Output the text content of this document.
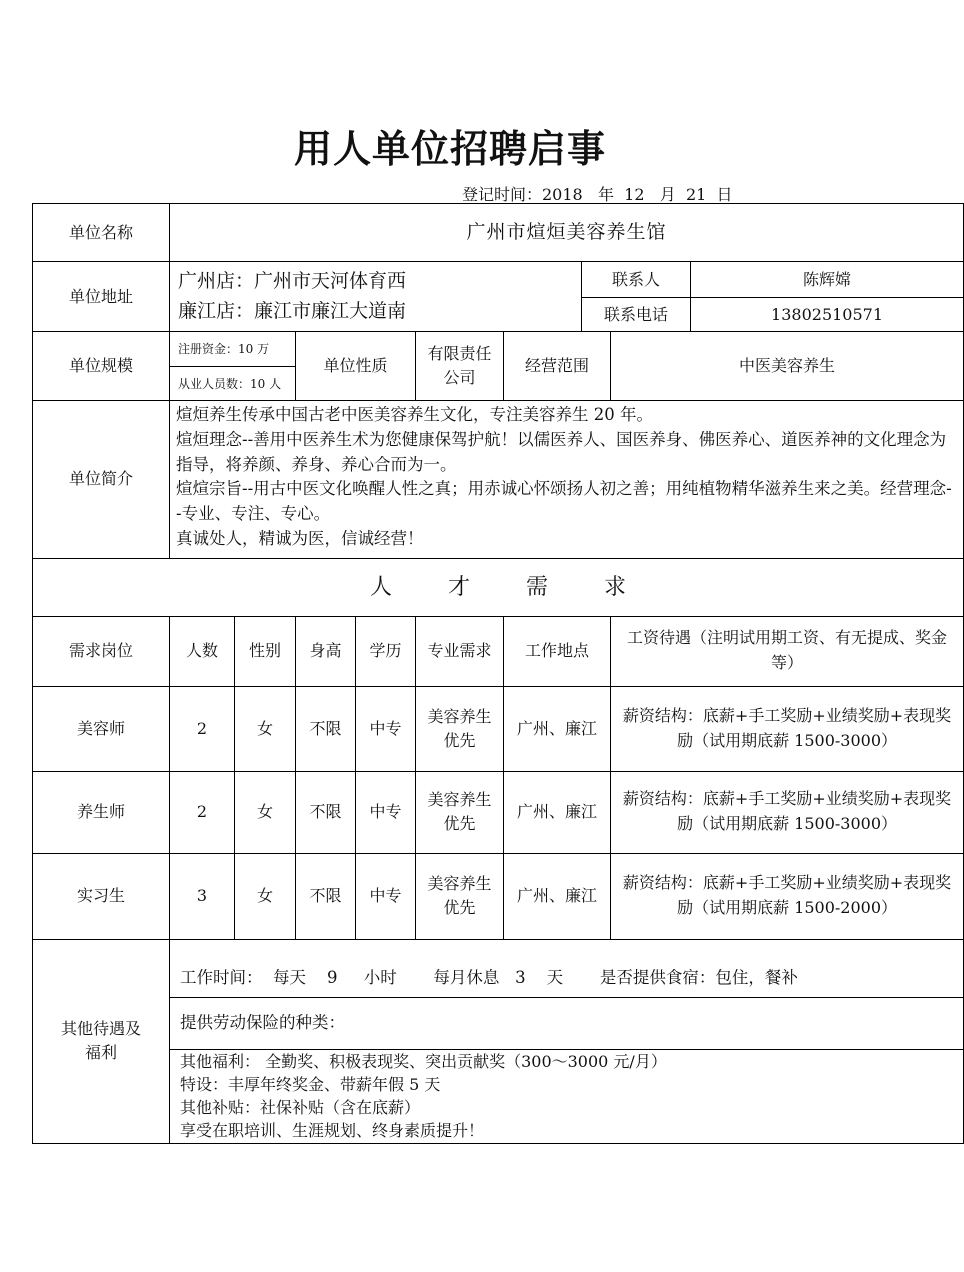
用人单位招聘启事
登记时间：2018   年  12   月  21  日
单位名称	广州市煊烜美容养生馆								
单位地址	广州店：广州市天河体育西
廉江店：廉江市廉江大道南						联系人		陈辉嫦
							联系电话		13802510571
单位规模	注册资金：10 万		单位性质		有限责任公司	经营范围		中医美容养生	
	从业人员数：10 人								
单位简介	煊烜养生传承中国古老中医美容养生文化，专注美容养生 20 年。
煊烜理念--善用中医养生术为您健康保驾护航！以儒医养人、国医养身、佛医养心、道医养神的文化理念为指导，将养颜、养身、养心合而为一。
煊煊宗旨--用古中医文化唤醒人性之真；用赤诚心怀颂扬人初之善；用纯植物精华滋养生来之美。经营理念--专业、专注、专心。
真诚处人，精诚为医，信诚经营！								

人 才 需 求									
需求岗位	人数	性别	身高	学历	专业需求	工作地点		工资待遇（注明试用期工资、有无提成、奖金等）	
美容师	2	女	不限	中专	美容养生优先	广州、廉江		薪资结构：底薪+手工奖励+业绩奖励+表现奖励（试用期底薪 1500-3000）	
养生师	2	女	不限	中专	美容养生优先	广州、廉江		薪资结构：底薪+手工奖励+业绩奖励+表现奖励（试用期底薪 1500-3000）	
实习生	3	女	不限	中专	美容养生优先	广州、廉江		薪资结构：底薪+手工奖励+业绩奖励+表现奖励（试用期底薪 1500-2000）	
其他待遇及福利	工作时间：  每天    9     小时       每月休息   3    天       是否提供食宿：包住，餐补								
	提供劳动保险的种类：								

	其他福利： 全勤奖、积极表现奖、突出贡献奖（300～3000 元/月）
特设：丰厚年终奖金、带薪年假 5 天
其他补贴：社保补贴（含在底薪）
享受在职培训、生涯规划、终身素质提升！								
